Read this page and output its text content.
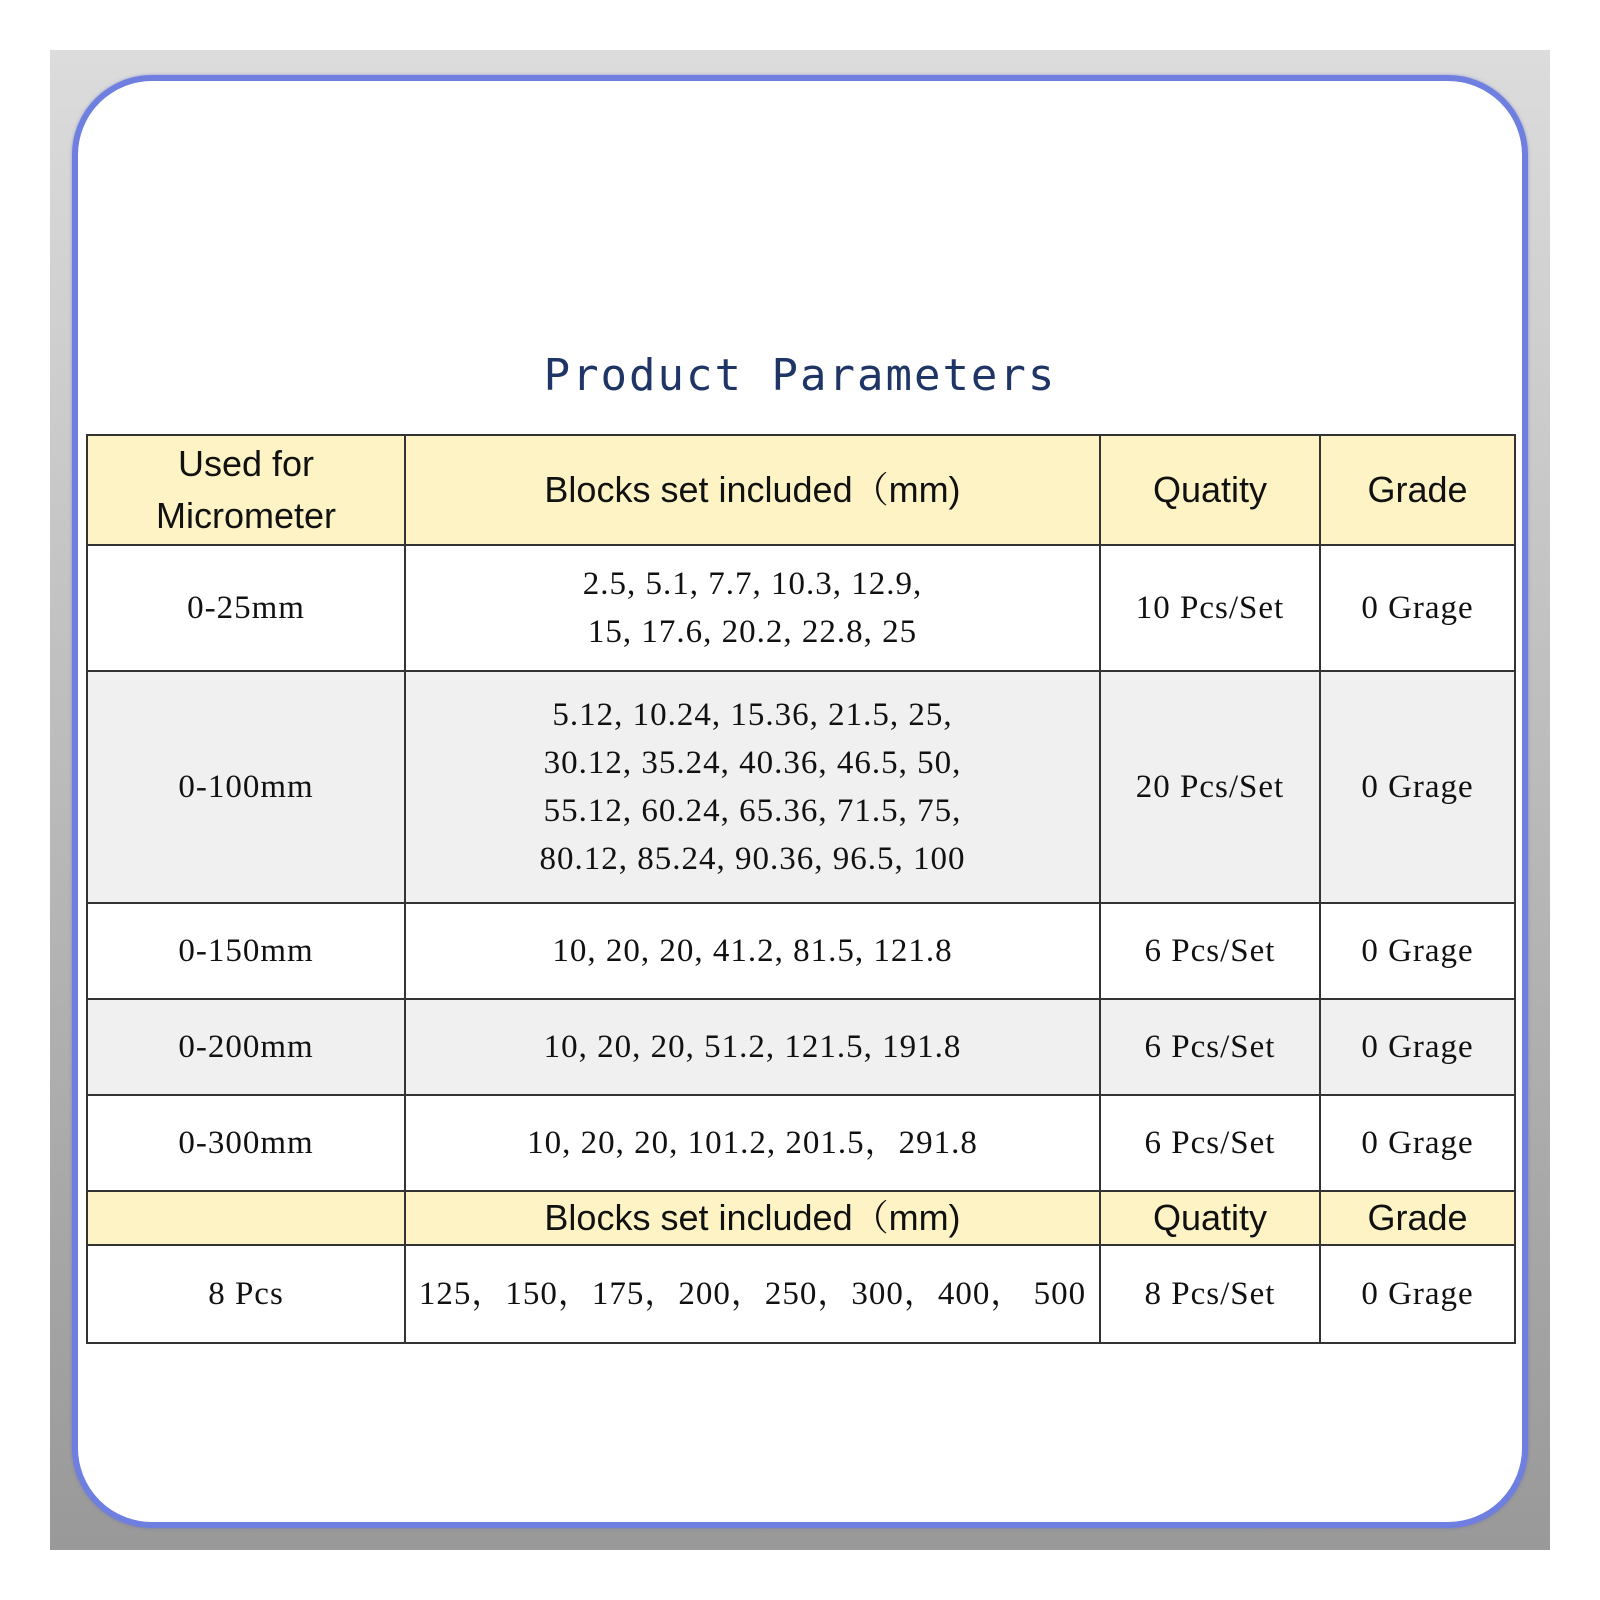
Product Parameters
Used for
Micrometer	Blocks set included（mm)	Quatity	Grade
0-25mm	2.5, 5.1, 7.7, 10.3, 12.9,
15, 17.6, 20.2, 22.8, 25	10 Pcs/Set	0 Grage
0-100mm	5.12, 10.24, 15.36, 21.5, 25,
30.12, 35.24, 40.36, 46.5, 50,
55.12, 60.24, 65.36, 71.5, 75,
80.12, 85.24, 90.36, 96.5, 100	20 Pcs/Set	0 Grage
0-150mm	10, 20, 20, 41.2, 81.5, 121.8	6 Pcs/Set	0 Grage
0-200mm	10, 20, 20, 51.2, 121.5, 191.8	6 Pcs/Set	0 Grage
0-300mm	10, 20, 20, 101.2, 201.5，291.8	6 Pcs/Set	0 Grage
	Blocks set included（mm)	Quatity	Grade
8 Pcs	125，150，175，200，250，300，400， 500	8 Pcs/Set	0 Grage
